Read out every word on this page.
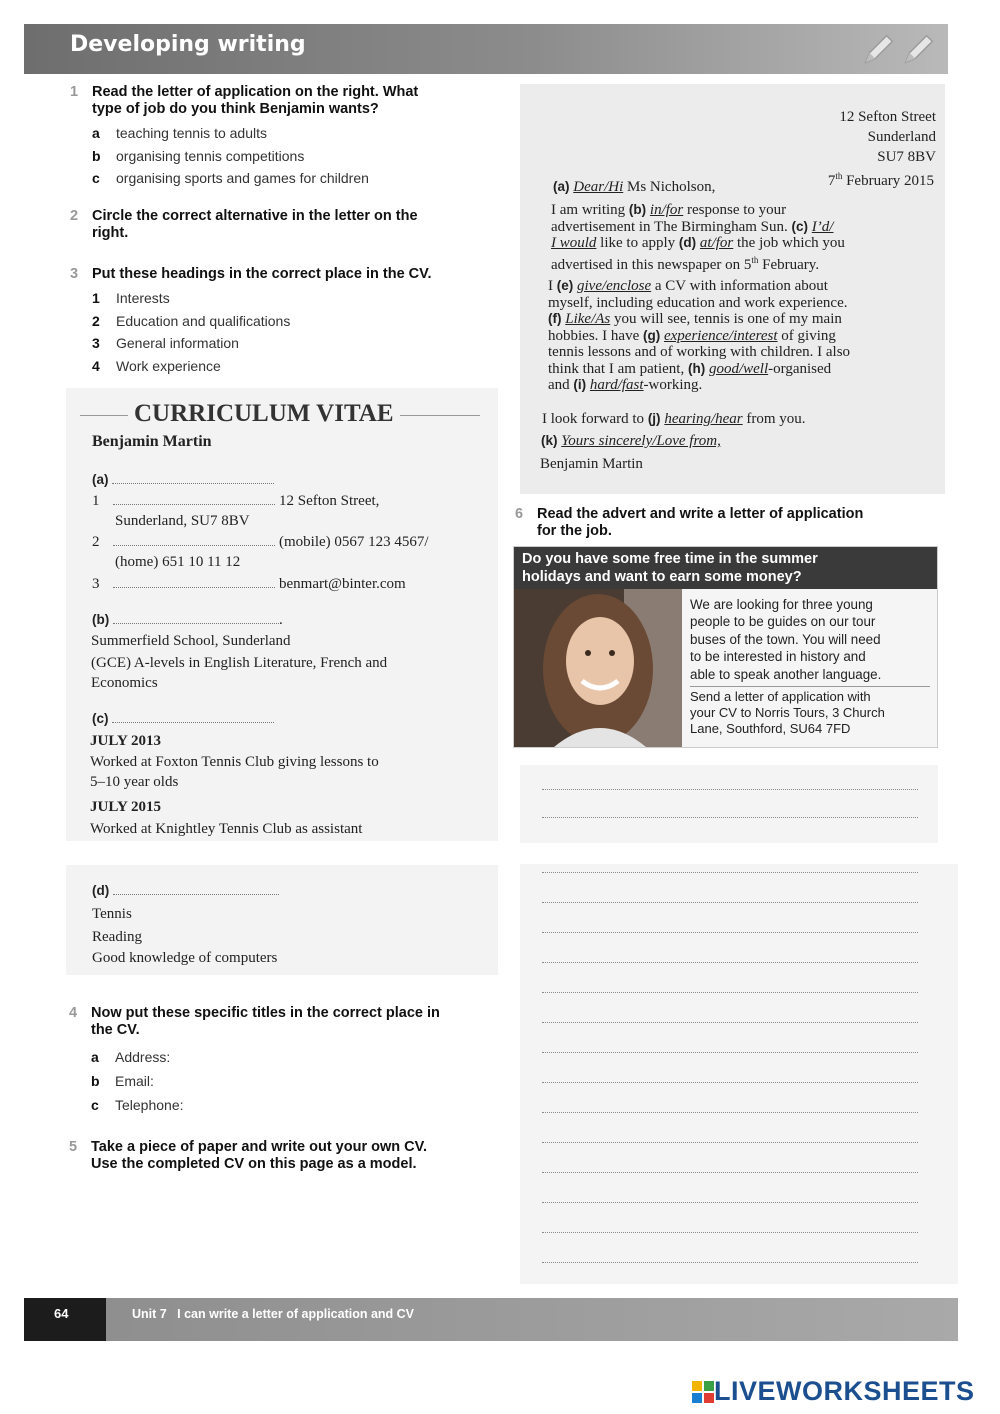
Developing writing
1 Read the letter of application on the right. What
type of job do you think Benjamin wants?
a teaching tennis to adults
b organising tennis competitions
c organising sports and games for children
2 Circle the correct alternative in the letter on the
right.
3 Put these headings in the correct place in the CV.
1 Interests
2 Education and qualifications
3 General information
4 Work experience
CURRICULUM VITAE
Benjamin Martin
(a)
1	12 Sefton Street,
Sunderland, SU7 8BV
2	(mobile) 0567 123 4567/
(home) 651 10 11 12
3	benmart@binter.com
(b)	.
Summerfield School, Sunderland
(GCE) A-levels in English Literature, French and
Economics
(c)
JULY 2013
Worked at Foxton Tennis Club giving lessons to
5–10 year olds
JULY 2015
Worked at Knightley Tennis Club as assistant
(d)
Tennis
Reading
Good knowledge of computers
4 Now put these specific titles in the correct place in
the CV.
a Address:
b Email:
c Telephone:
5 Take a piece of paper and write out your own CV.
Use the completed CV on this page as a model.
12 Sefton Street
Sunderland
SU7 8BV
7th February 2015
(a) Dear/Hi Ms Nicholson,
I am writing (b) in/for response to your
advertisement in The Birmingham Sun. (c) I’d/
I would like to apply (d) at/for the job which you
advertised in this newspaper on 5th February.
I (e) give/enclose a CV with information about
myself, including education and work experience.
(f) Like/As you will see, tennis is one of my main
hobbies. I have (g) experience/interest of giving
tennis lessons and of working with children. I also
think that I am patient, (h) good/well-organised
and (i) hard/fast-working.
I look forward to (j) hearing/hear from you.
(k) Yours sincerely/Love from,
Benjamin Martin
6 Read the advert and write a letter of application
for the job.
Do you have some free time in the summer
holidays and want to earn some money?
We are looking for three young
people to be guides on our tour
buses of the town. You will need
to be interested in history and
able to speak another language.
Send a letter of application with
your CV to Norris Tours, 3 Church
Lane, Southford, SU64 7FD
64	Unit 7 I can write a letter of application and CV
LIVEWORKSHEETS
